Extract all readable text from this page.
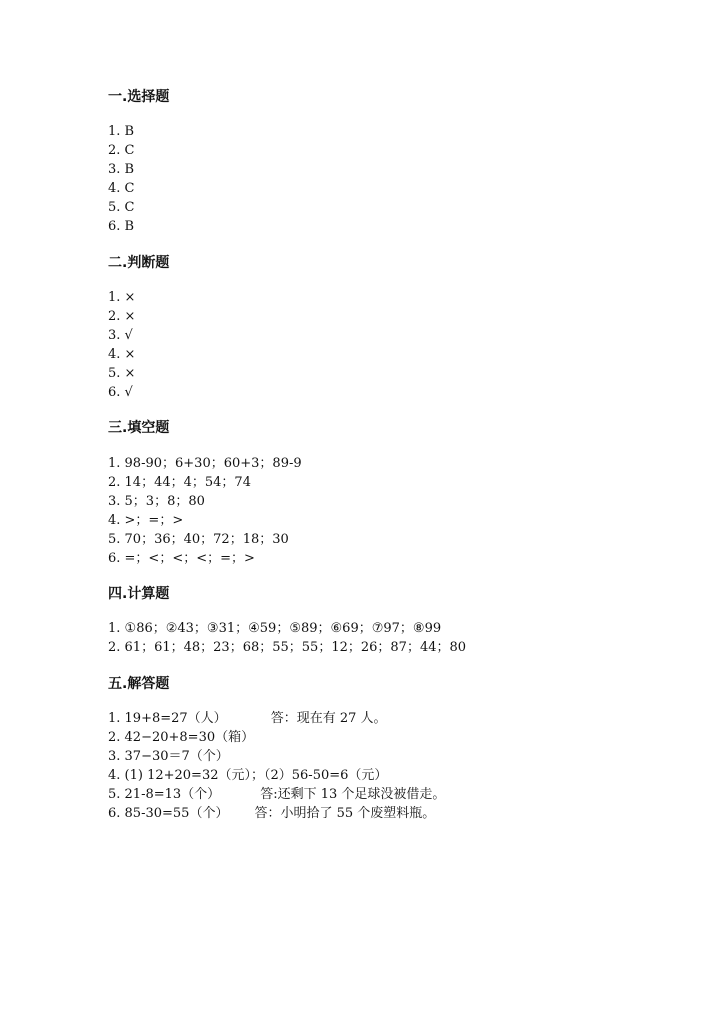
一.选择题
1. B
2. C
3. B
4. C
5. C
6. B
二.判断题
1. ×
2. ×
3. √
4. ×
5. ×
6. √
三.填空题
1. 98-90；6+30；60+3；89-9
2. 14；44；4；54；74
3. 5；3；8；80
4. >；=；>
5. 70；36；40；72；18；30
6. =；<；<；<；=；>
四.计算题
1. ①86；②43；③31；④59；⑤89；⑥69；⑦97；⑧99
2. 61；61；48；23；68；55；55；12；26；87；44；80
五.解答题
1. 19+8=27（人）	答：现在有 27 人。
2. 42−20+8=30（箱）
3. 37−30＝7（个）
4. (1) 12+20=32（元）；（2）56-50=6（元）
5. 21-8=13（个）	答:还剩下 13 个足球没被借走。
6. 85-30=55（个） 答：小明拾了 55 个废塑料瓶。
